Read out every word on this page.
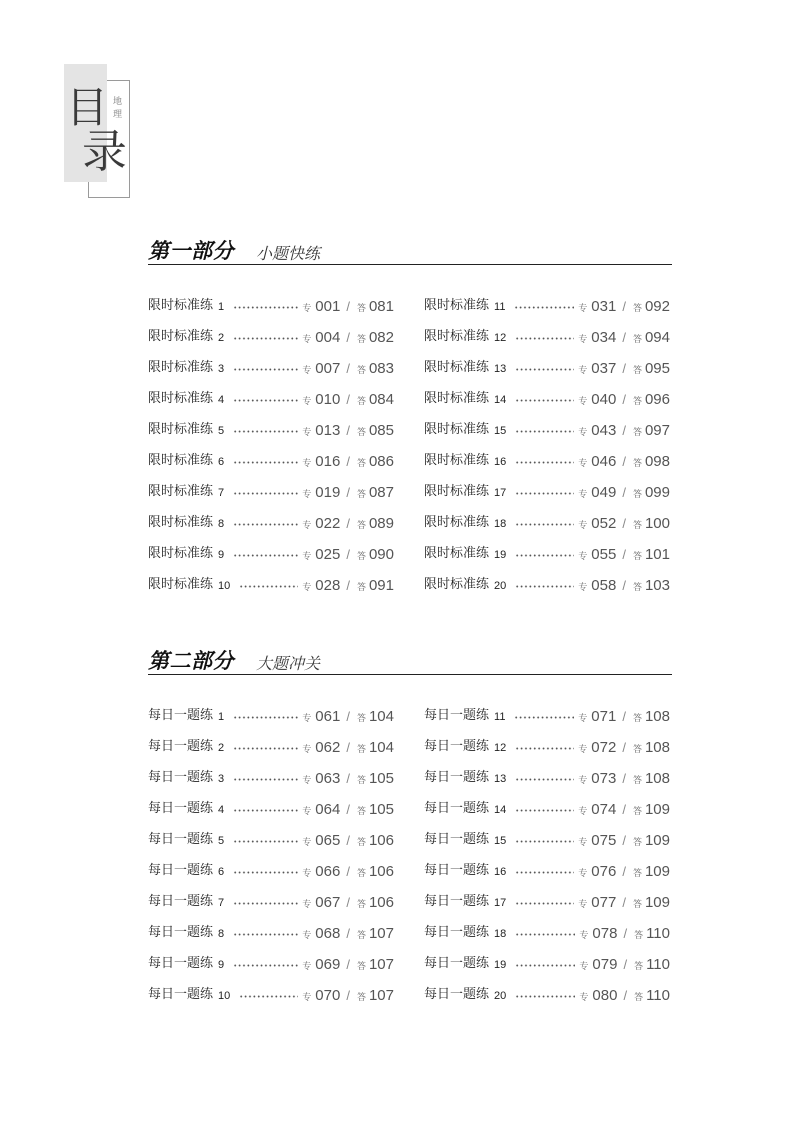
目
录
地
理
第一部分 小题快练
限时标准练 1	专 001 / 答 081
限时标准练 2	专 004 / 答 082
限时标准练 3	专 007 / 答 083
限时标准练 4	专 010 / 答 084
限时标准练 5	专 013 / 答 085
限时标准练 6	专 016 / 答 086
限时标准练 7	专 019 / 答 087
限时标准练 8	专 022 / 答 089
限时标准练 9	专 025 / 答 090
限时标准练 10	专 028 / 答 091
限时标准练 11	专 031 / 答 092
限时标准练 12	专 034 / 答 094
限时标准练 13	专 037 / 答 095
限时标准练 14	专 040 / 答 096
限时标准练 15	专 043 / 答 097
限时标准练 16	专 046 / 答 098
限时标准练 17	专 049 / 答 099
限时标准练 18	专 052 / 答 100
限时标准练 19	专 055 / 答 101
限时标准练 20	专 058 / 答 103
第二部分 大题冲关
每日一题练 1	专 061 / 答 104
每日一题练 2	专 062 / 答 104
每日一题练 3	专 063 / 答 105
每日一题练 4	专 064 / 答 105
每日一题练 5	专 065 / 答 106
每日一题练 6	专 066 / 答 106
每日一题练 7	专 067 / 答 106
每日一题练 8	专 068 / 答 107
每日一题练 9	专 069 / 答 107
每日一题练 10	专 070 / 答 107
每日一题练 11	专 071 / 答 108
每日一题练 12	专 072 / 答 108
每日一题练 13	专 073 / 答 108
每日一题练 14	专 074 / 答 109
每日一题练 15	专 075 / 答 109
每日一题练 16	专 076 / 答 109
每日一题练 17	专 077 / 答 109
每日一题练 18	专 078 / 答 110
每日一题练 19	专 079 / 答 110
每日一题练 20	专 080 / 答 110
